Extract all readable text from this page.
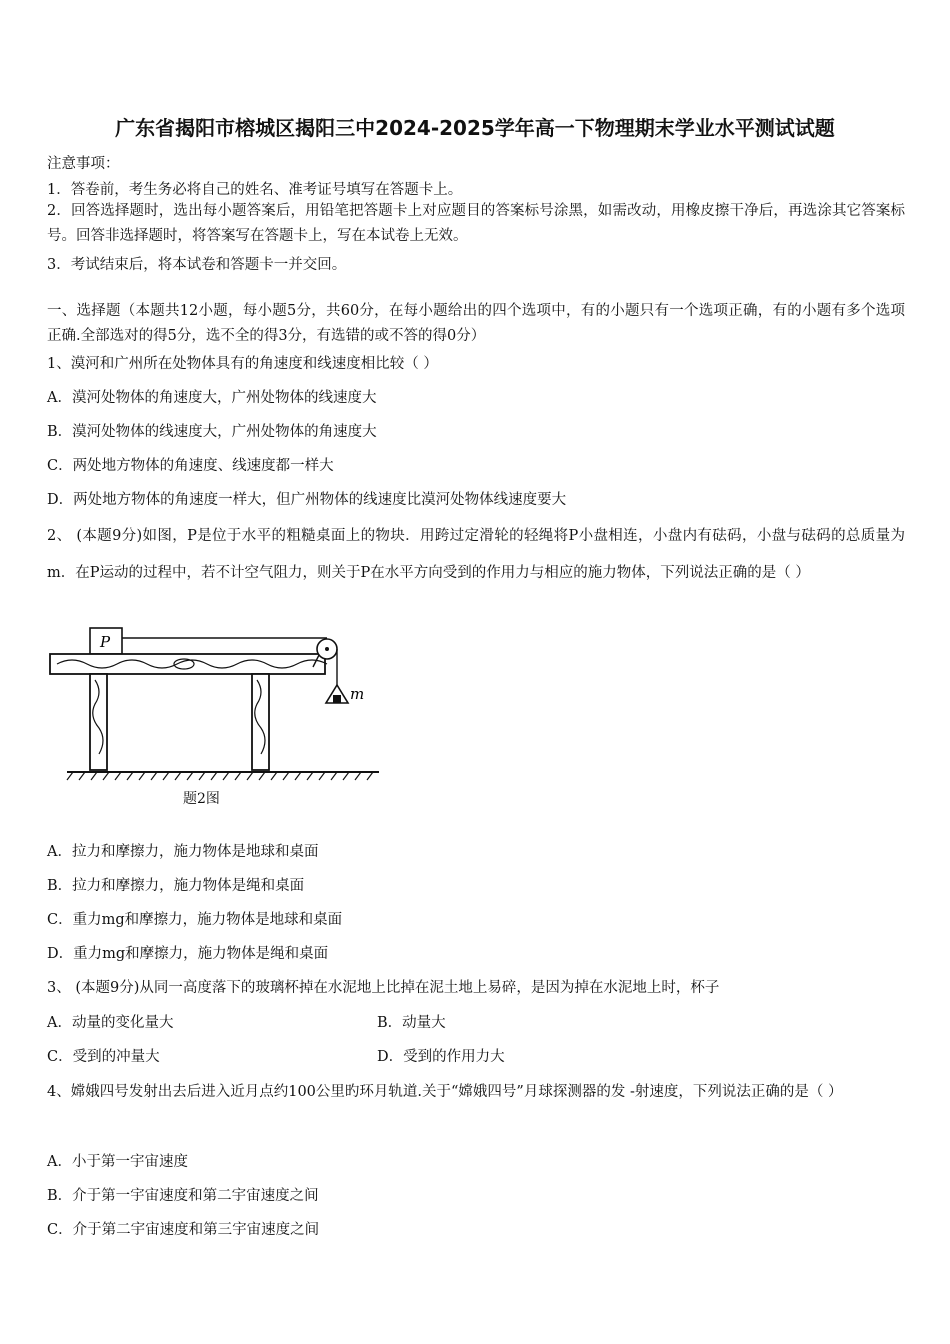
广东省揭阳市榕城区揭阳三中2024-2025学年高一下物理期末学业水平测试试题
注意事项：
1．答卷前，考生务必将自己的姓名、准考证号填写在答题卡上。
2．回答选择题时，选出每小题答案后，用铅笔把答题卡上对应题目的答案标号涂黑，如需改动，用橡皮擦干净后，再选涂其它答案标号。回答非选择题时，将答案写在答题卡上，写在本试卷上无效。
3．考试结束后，将本试卷和答题卡一并交回。
一、选择题（本题共12小题，每小题5分，共60分，在每小题给出的四个选项中，有的小题只有一个选项正确，有的小题有多个选项正确.全部选对的得5分，选不全的得3分，有选错的或不答的得0分）
1、漠河和广州所在处物体具有的角速度和线速度相比较（ ）
A．漠河处物体的角速度大，广州处物体的线速度大
B．漠河处物体的线速度大，广州处物体的角速度大
C．两处地方物体的角速度、线速度都一样大
D．两处地方物体的角速度一样大，但广州物体的线速度比漠河处物体线速度要大
2、 (本题9分)如图，P是位于水平的粗糙桌面上的物块．用跨过定滑轮的轻绳将P小盘相连，小盘内有砝码，小盘与砝码的总质量为m．在P运动的过程中，若不计空气阻力，则关于P在水平方向受到的作用力与相应的施力物体，下列说法正确的是（ ）
P
m
题2图
A．拉力和摩擦力，施力物体是地球和桌面
B．拉力和摩擦力，施力物体是绳和桌面
C．重力mg和摩擦力，施力物体是地球和桌面
D．重力mg和摩擦力，施力物体是绳和桌面
3、 (本题9分)从同一高度落下的玻璃杯掉在水泥地上比掉在泥土地上易碎，是因为掉在水泥地上时，杯子
A．动量的变化量大	B．动量大
C．受到的冲量大	D．受到的作用力大
4、嫦娥四号发射出去后进入近月点约100公里旳环月轨道.关于“嫦娥四号”月球探测器的发 -射速度，下列说法正确的是（ ）
A．小于第一宇宙速度
B．介于第一宇宙速度和第二宇宙速度之间
C．介于第二宇宙速度和第三宇宙速度之间
